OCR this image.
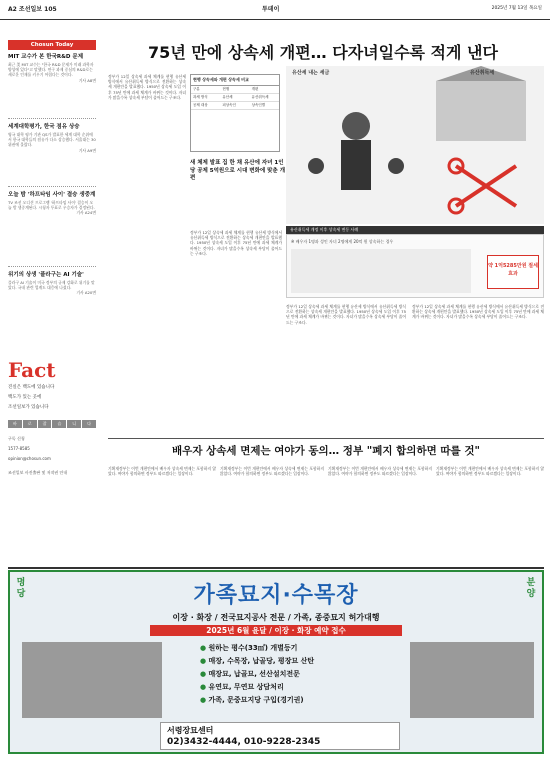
A2 조선일보 105	투데이	2025년 7월 13일 목요일
Chosun Today
MIT 교수가 본 한국R&D 문제
최근 美 MIT 교수는 "한국 R&D 문제가 미래 과학자 양성에 있다"고 말했다. 연구 과제 중심의 R&D로는 새로운 인재를 키우기 어렵다는 것이다.
기사 A8면
세계대학평가, 한국 점유 상승
영국 대학 평가 기관 QS가 발표한 세계 대학 순위에서 한국 대학들의 점유가 다소 상승했다. 서울대는 30위권에 올랐다.
기사 A9면
오늘 밤 '하프타임 사이' 결승 생중계
TV 조선 오디션 프로그램 '하프타임 사이' 결승이 오늘 밤 생중계된다. 시청자 투표로 우승자가 결정된다.
기사 A24면
위기의 상생 '플라구는 AI 기술'
플라구 AI 기술이 미국 정부의 규제 강화로 위기를 맞았다. 국내 관련 업계도 대응에 나섰다.
기사 A20면
Fact
진실은 백도에 있습니다
백도가 있는 곳에
조선일보가 있습니다
바	로	잡	습	니	다
구독 신청
1577-8585
opinion@chosun.com
조선일보 사진출판 및 저작권 안내
75년 만에 상속세 개편… 다자녀일수록 적게 낸다
정부가 12일 상속세 과세 체계를 현행 유산세 방식에서 유산취득세 방식으로 전환하는 상속세 개편안을 발표했다. 1950년 상속세 도입 이후 75년 만에 과세 체계가 바뀌는 것이다. 자녀가 많을수록 상속세 부담이 줄어드는 구조다.
현행 상속세와 개편 상속세 비교
구분	현행	개편
과세 방식	유산세	유산취득세
공제 대상	피상속인	상속인별
새 체제 발표 집 한 채 유산에 자녀 1인당 공제 5억원으로 시대 변화에 맞춘 개편
유산세 내는 세금	유산취득세
유산취득세 개정 이후 상속세 변동 사례
※ 배우자 1명과 성인 자녀 2명에게 20억 원 상속하는 경우
약 1억5285만원 절세 효과
정부가 12일 상속세 과세 체계를 현행 유산세 방식에서 유산취득세 방식으로 전환하는 상속세 개편안을 발표했다. 1950년 상속세 도입 이후 75년 만에 과세 체계가 바뀌는 것이다. 자녀가 많을수록 상속세 부담이 줄어드는 구조다.
정부가 12일 상속세 과세 체계를 현행 유산세 방식에서 유산취득세 방식으로 전환하는 상속세 개편안을 발표했다. 1950년 상속세 도입 이후 75년 만에 과세 체계가 바뀌는 것이다. 자녀가 많을수록 상속세 부담이 줄어드는 구조다.
정부가 12일 상속세 과세 체계를 현행 유산세 방식에서 유산취득세 방식으로 전환하는 상속세 개편안을 발표했다. 1950년 상속세 도입 이후 75년 만에 과세 체계가 바뀌는 것이다. 자녀가 많을수록 상속세 부담이 줄어드는 구조다.
배우자 상속세 면제는 여야가 동의… 정부 "폐지 합의하면 따를 것"
기획재정부는 이번 개편안에서 배우자 상속세 면제는 포함하지 않았다. 여야가 합의하면 정부도 따르겠다는 입장이다.
기획재정부는 이번 개편안에서 배우자 상속세 면제는 포함하지 않았다. 여야가 합의하면 정부도 따르겠다는 입장이다.
기획재정부는 이번 개편안에서 배우자 상속세 면제는 포함하지 않았다. 여야가 합의하면 정부도 따르겠다는 입장이다.
기획재정부는 이번 개편안에서 배우자 상속세 면제는 포함하지 않았다. 여야가 합의하면 정부도 따르겠다는 입장이다.
명당
분양
가족묘지·수목장
이장 · 화장 / 전국묘지공사 전문 / 가족, 종중묘지 허가대행
2025년 6월 윤달 / 이장 · 화장 예약 접수
● 원하는 평수(33㎡) 개별등기
● 매장, 수목장, 납골당, 평장묘 산탄
● 매장묘, 납골묘, 선산설치전문
● 유연묘, 무연묘 상담처리
● 가족, 문중묘지당 구입(경기권)
서령장묘센터
02)3432-4444, 010-9228-2345
